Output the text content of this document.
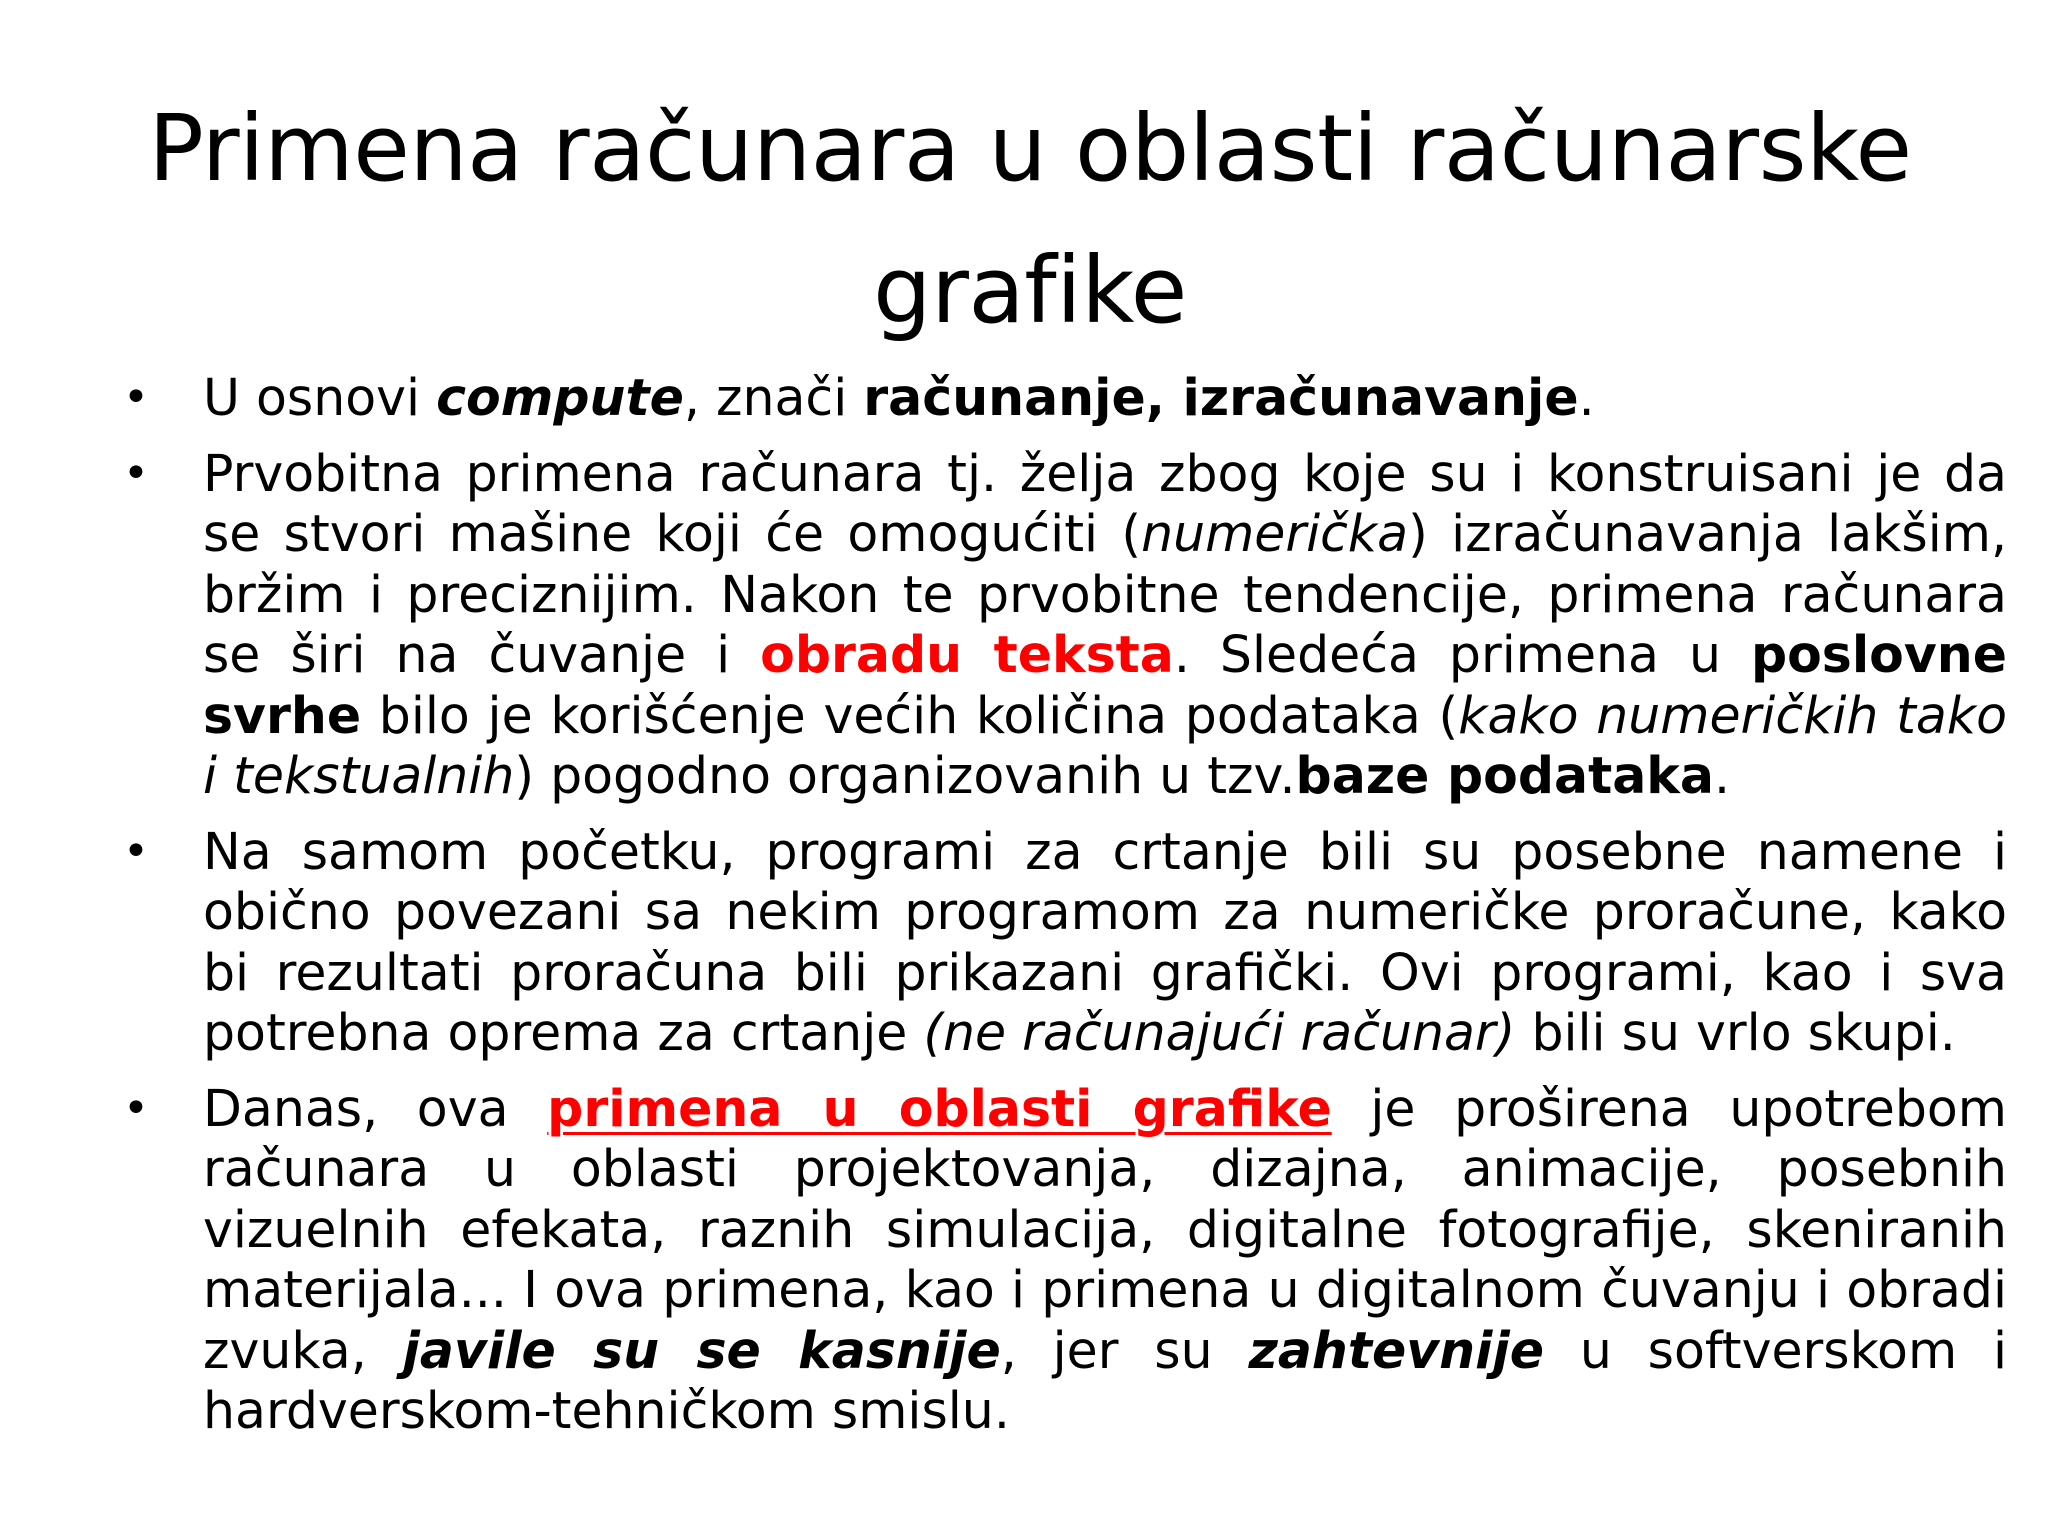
Primena računara u oblasti računarske grafike
• U osnovi compute, znači računanje, izračunavanje.
• Prvobitna primena računara tj. želja zbog koje su i konstruisani je da se stvori mašine koji će omogućiti (numerička) izračunavanja lakšim, bržim i preciznijim. Nakon te prvobitne tendencije, primena računara se širi na čuvanje i obradu teksta. Sledeća primena u poslovne svrhe bilo je korišćenje većih količina podataka (kako numeričkih tako i tekstualnih) pogodno organizovanih u tzv.baze podataka.
• Na samom početku, programi za crtanje bili su posebne namene i obično povezani sa nekim programom za numeričke proračune, kako bi rezultati proračuna bili prikazani grafički. Ovi programi, kao i sva potrebna oprema za crtanje (ne računajući računar) bili su vrlo skupi.
• Danas, ova primena u oblasti grafike je proširena upotrebom računara u oblasti projektovanja, dizajna, animacije, posebnih vizuelnih efekata, raznih simulacija, digitalne fotografije, skeniranih materijala... I ova primena, kao i primena u digitalnom čuvanju i obradi zvuka, javile su se kasnije, jer su zahtevnije u softverskom i hardverskom-tehničkom smislu.
